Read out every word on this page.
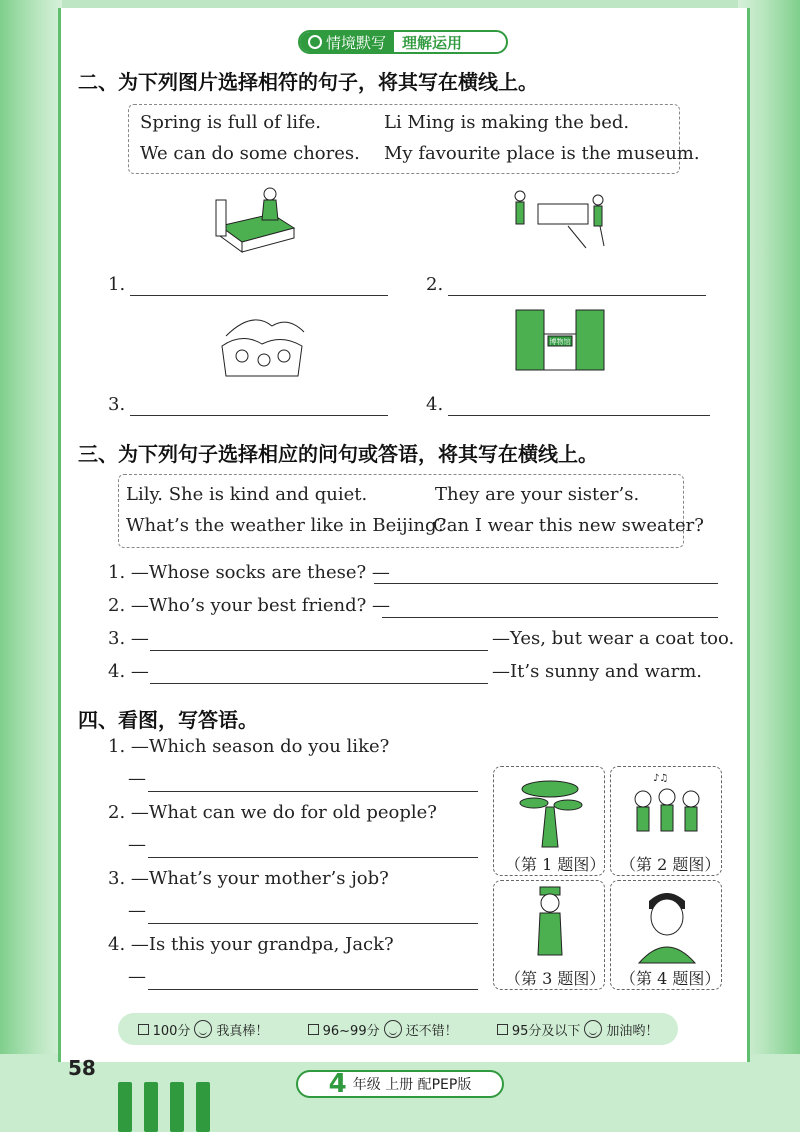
情境默写	理解运用
二、为下列图片选择相符的句子，将其写在横线上。
Spring is full of life.	Li Ming is making the bed.
We can do some chores. My favourite place is the museum.
1.	2.
博物馆
3.	4.
三、为下列句子选择相应的问句或答语，将其写在横线上。
Lily. She is kind and quiet.	They are your sister’s.
What’s the weather like in Beijing?
Can I wear this new sweater?
1. —Whose socks are these? —
2. —Who’s your best friend? —
3. —	—Yes, but wear a coat too.
4. —	—It’s sunny and warm.
四、看图，写答语。
1. —Which season do you like?
—
2. —What can we do for old people?
—
3. —What’s your mother’s job?
—
4. —Is this your grandpa, Jack?
—
（第 1 题图）
♪♫
（第 2 题图）
（第 3 题图） （第 4 题图）
100分 我真棒！	96~99分 还不错！	95分及以下 加油哟！
58
4 年级 上册 配PEP版
